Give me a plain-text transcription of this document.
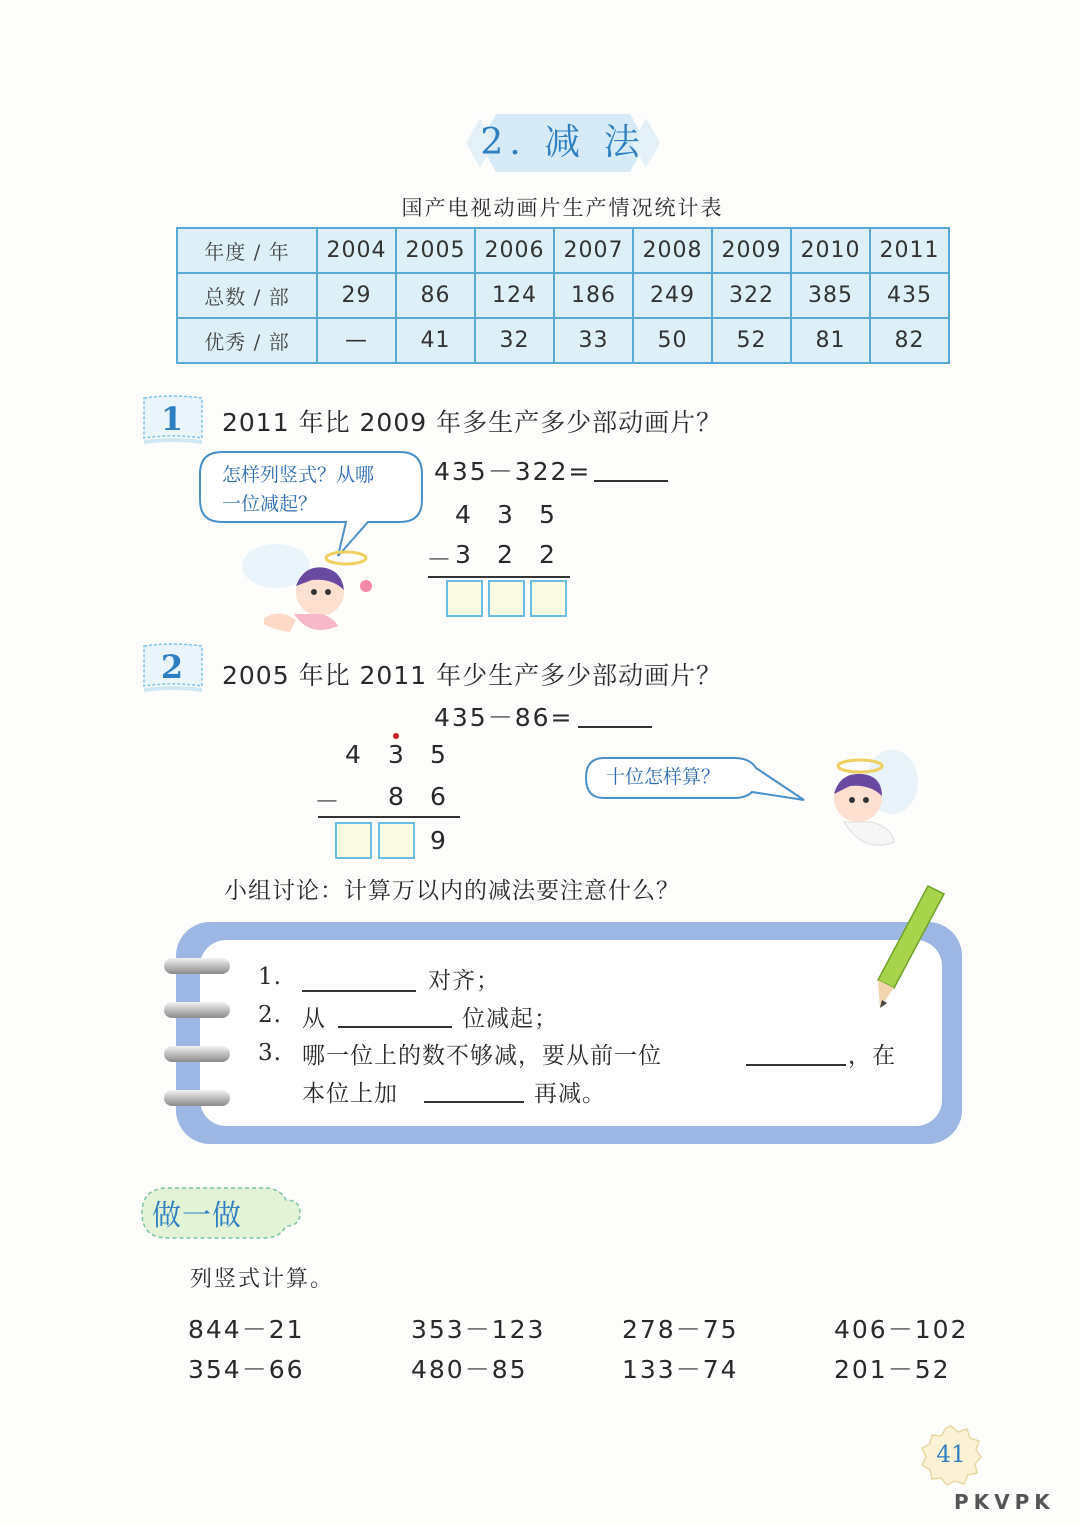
2. 减 法
国产电视动画片生产情况统计表
年度 / 年	2004	2005	2006	2007	2008	2009	2010	2011
总数 / 部	29	86	124	186	249	322	385	435
优秀 / 部	—	41	32	33	50	52	81	82
1	2011 年比 2009 年多生产多少部动画片？
怎样列竖式？从哪
一位减起？
435－322=
4 3 5
－ 3 2 2
2	2005 年比 2011 年少生产多少部动画片？
435－86=
4 3 5
－ 8 6
9
十位怎样算？
小组讨论：计算万以内的减法要注意什么？
1.	对齐；
2. 从	位减起；
3. 哪一位上的数不够减，要从前一位	，在
本位上加	再减。
做一做
列竖式计算。
844－21	353－123	278－75	406－102
354－66	480－85	133－74	201－52
41
PKVPK
